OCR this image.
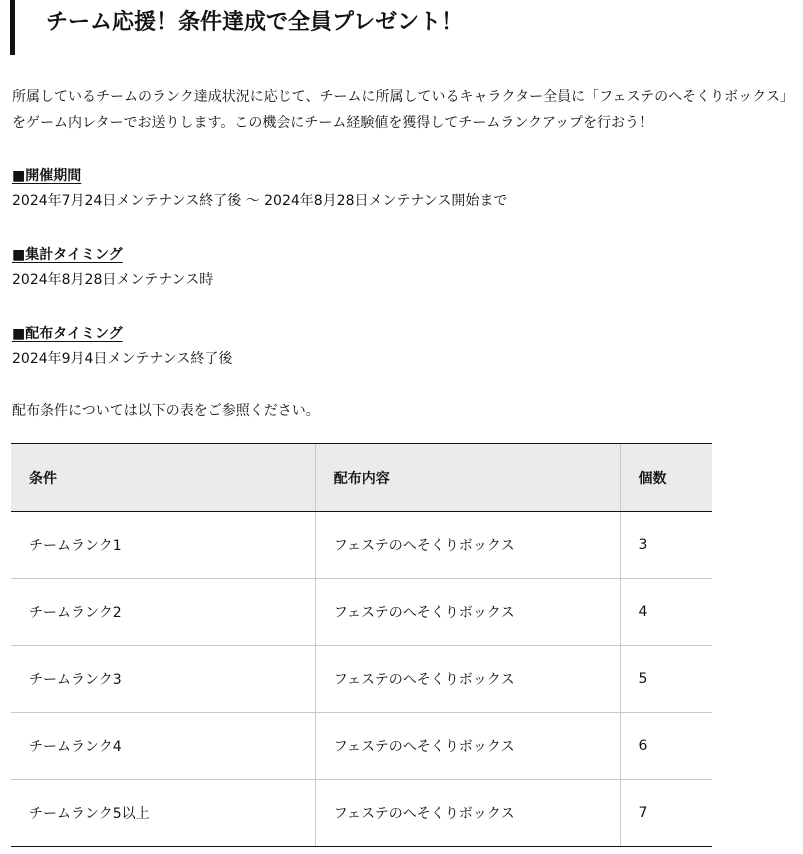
チーム応援！条件達成で全員プレゼント！

所属しているチームのランク達成状況に応じて、チームに所属しているキャラクター全員に「フェステのへそくりボックス」をゲーム内レターでお送りします。この機会にチーム経験値を獲得してチームランクアップを行おう！

■開催期間
2024年7月24日メンテナンス終了後 ～ 2024年8月28日メンテナンス開始まで
■集計タイミング
2024年8月28日メンテナンス時
■配布タイミング
2024年9月4日メンテナンス終了後

配布条件については以下の表をご参照ください。

条件	配布内容	個数
チームランク1	フェステのへそくりボックス	3
チームランク2	フェステのへそくりボックス	4
チームランク3	フェステのへそくりボックス	5
チームランク4	フェステのへそくりボックス	6
チームランク5以上	フェステのへそくりボックス	7
